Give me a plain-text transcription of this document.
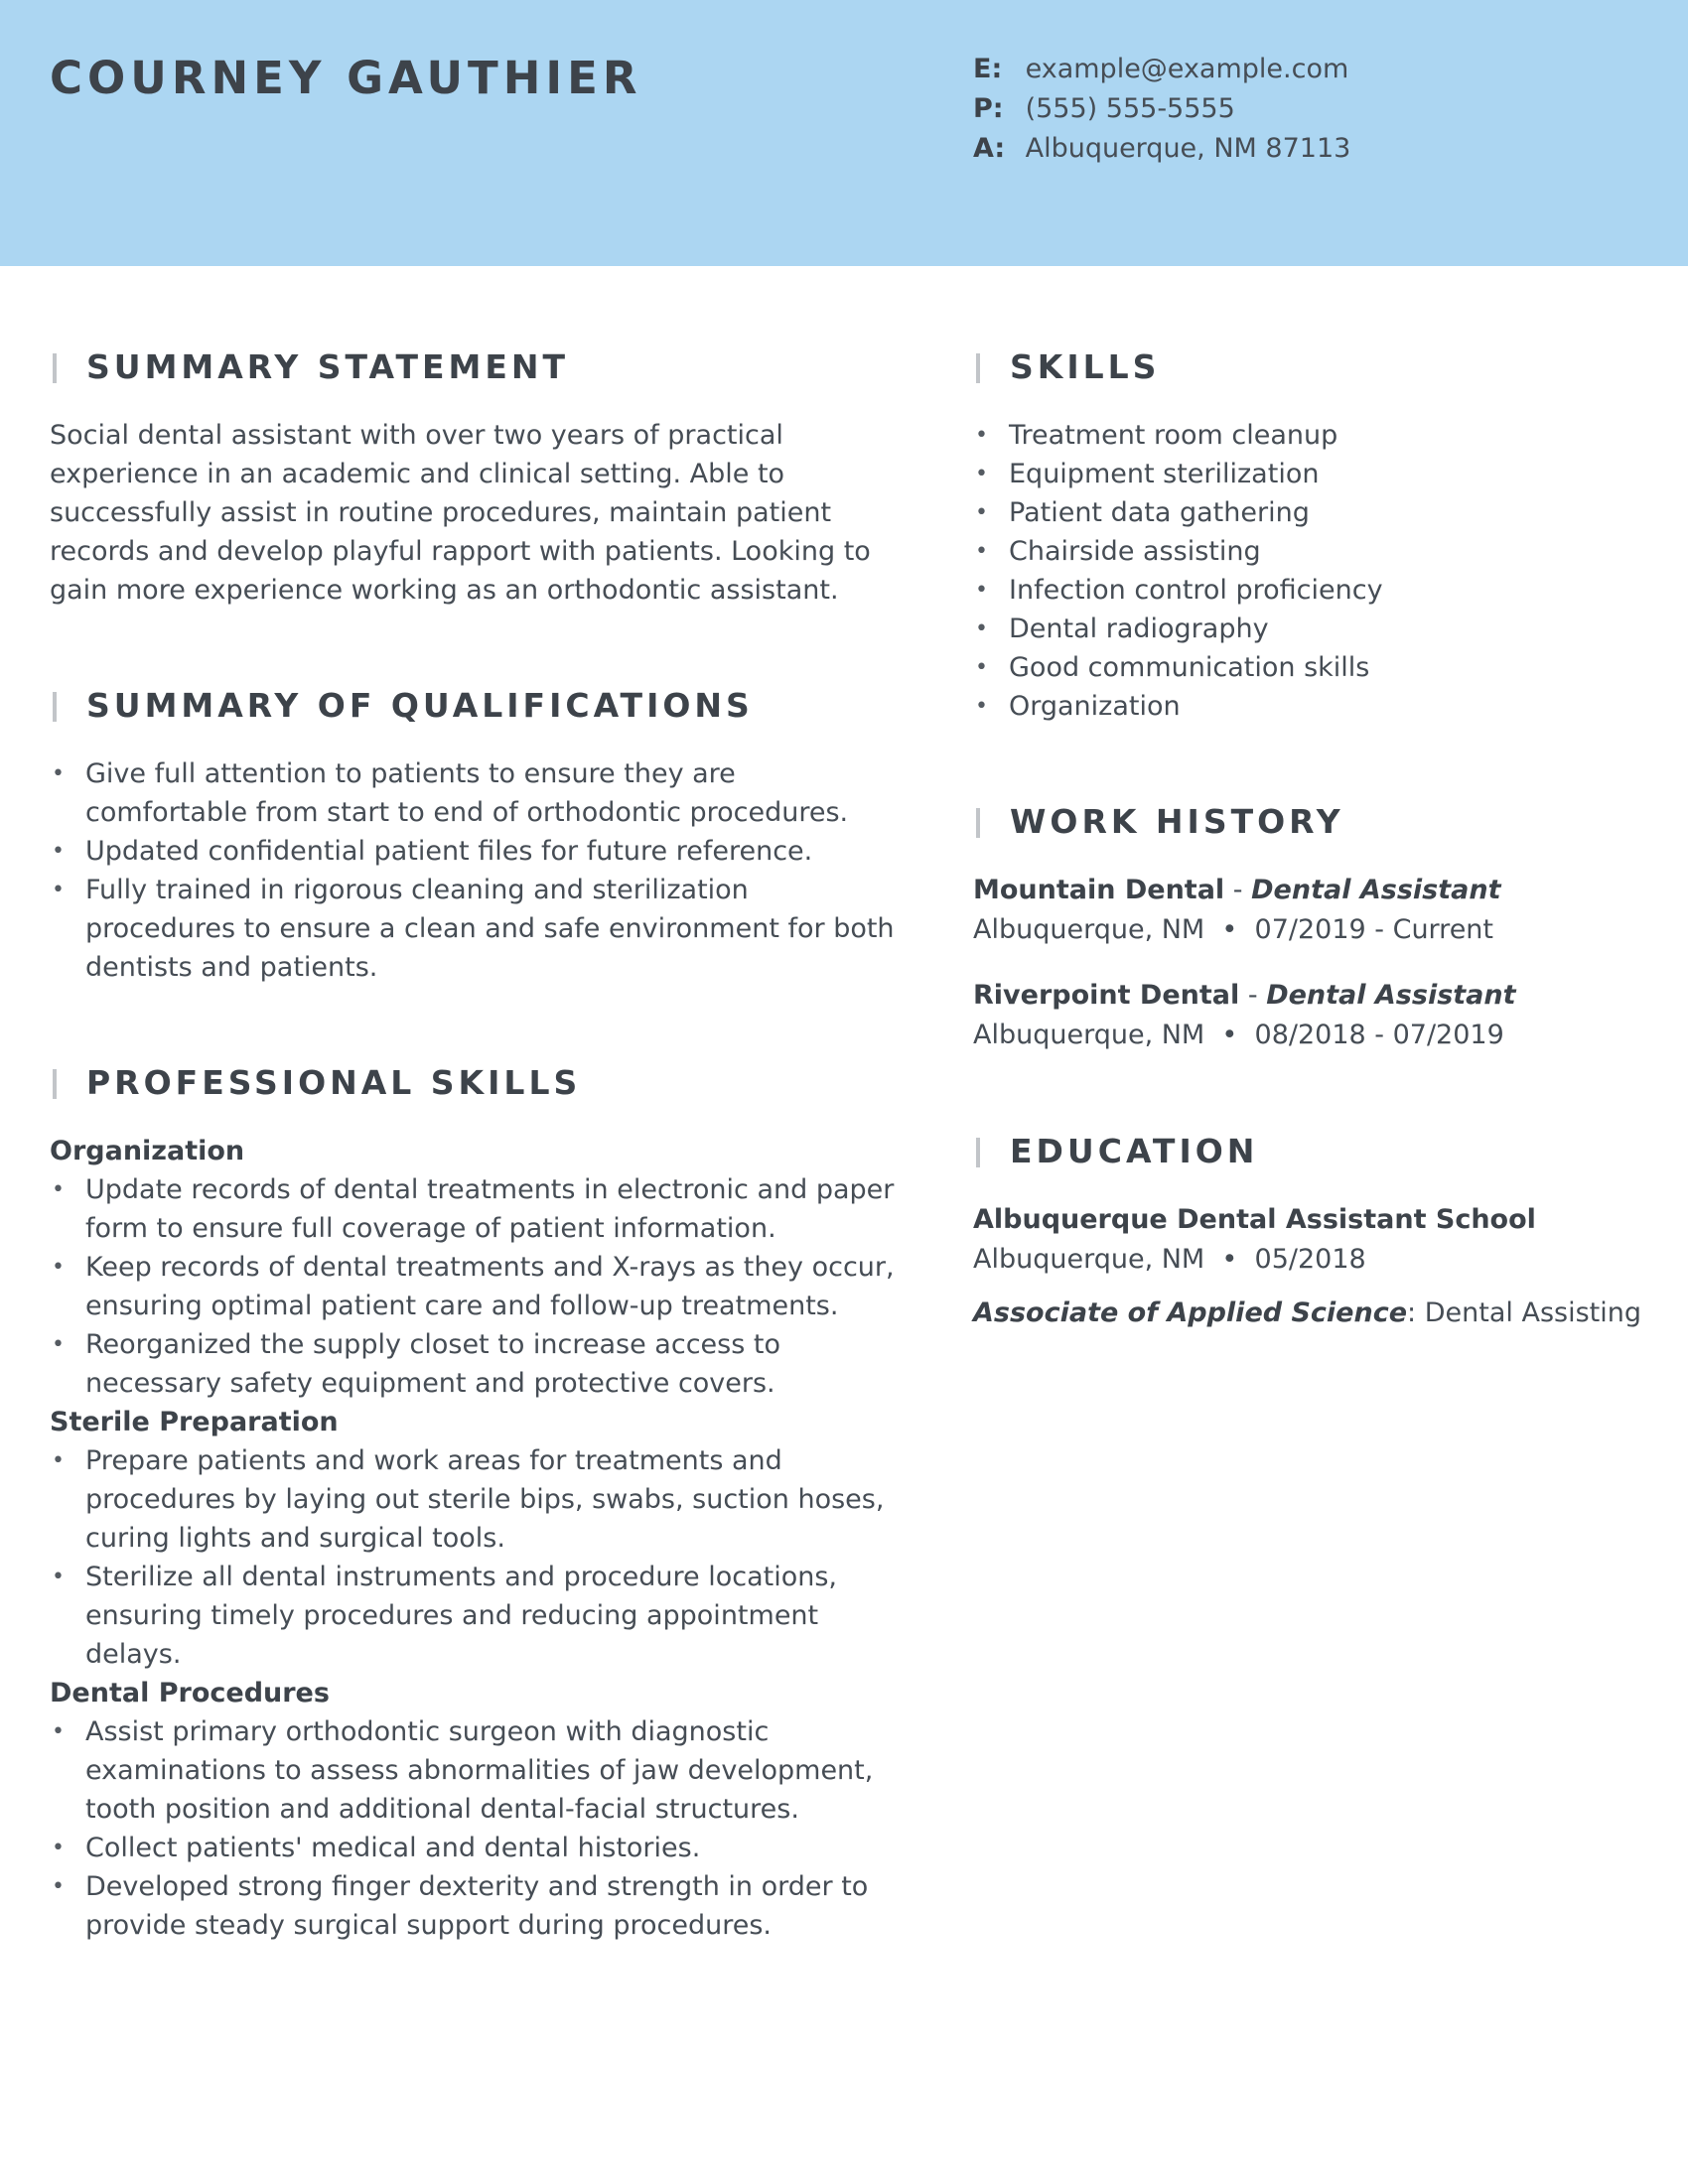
COURNEY GAUTHIER	E: example@example.com
P: (555) 555-5555
A: Albuquerque, NM 87113
SUMMARY STATEMENT

Social dental assistant with over two years of practical experience in an academic and clinical setting. Able to successfully assist in routine procedures, maintain patient records and develop playful rapport with patients. Looking to gain more experience working as an orthodontic assistant.

SUMMARY OF QUALIFICATIONS
• Give full attention to patients to ensure they are comfortable from start to end of orthodontic procedures.
• Updated confidential patient files for future reference.
• Fully trained in rigorous cleaning and sterilization procedures to ensure a clean and safe environment for both dentists and patients.
PROFESSIONAL SKILLS
Organization
• Update records of dental treatments in electronic and paper form to ensure full coverage of patient information.
• Keep records of dental treatments and X-rays as they occur, ensuring optimal patient care and follow-up treatments.
• Reorganized the supply closet to increase access to necessary safety equipment and protective covers.
Sterile Preparation
• Prepare patients and work areas for treatments and procedures by laying out sterile bips, swabs, suction hoses, curing lights and surgical tools.
• Sterilize all dental instruments and procedure locations, ensuring timely procedures and reducing appointment delays.
Dental Procedures
• Assist primary orthodontic surgeon with diagnostic examinations to assess abnormalities of jaw development, tooth position and additional dental-facial structures.
• Collect patients' medical and dental histories.
• Developed strong finger dexterity and strength in order to provide steady surgical support during procedures.
SKILLS
• Treatment room cleanup
• Equipment sterilization
• Patient data gathering
• Chairside assisting
• Infection control proficiency
• Dental radiography
• Good communication skills
• Organization
WORK HISTORY
Mountain Dental - Dental Assistant
Albuquerque, NM • 07/2019 - Current
Riverpoint Dental - Dental Assistant
Albuquerque, NM • 08/2018 - 07/2019
EDUCATION
Albuquerque Dental Assistant School
Albuquerque, NM • 05/2018
Associate of Applied Science: Dental Assisting
